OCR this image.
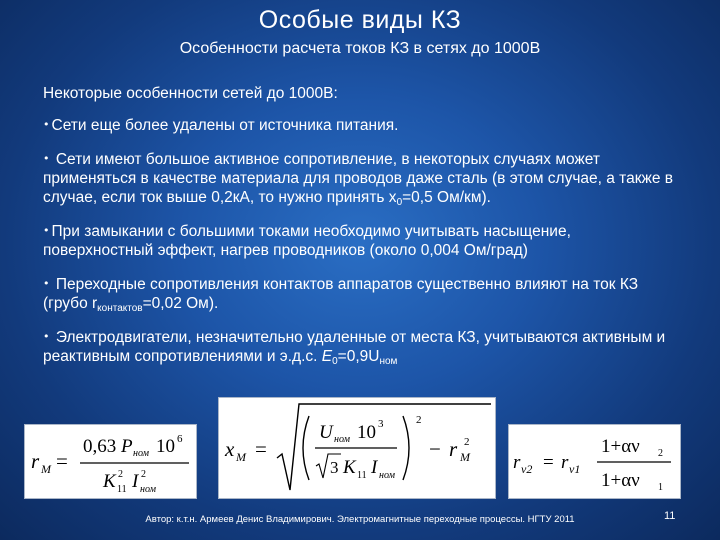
Особые виды КЗ
Особенности расчета токов КЗ в сетях до 1000В

Некоторые особенности сетей до 1000В:

• Сети еще более удалены от источника питания.

• Сети имеют большое активное сопротивление, в некоторых случаях может применяться в качестве материала для проводов даже сталь (в этом случае, а также в случае, если ток выше 0,2кА, то нужно принять $x_0=0,5$ Ом/км).

• При замыкании с большими токами необходимо учитывать насыщение, поверхностный эффект, нагрев проводников (около 0,004 Ом/град)

• Переходные сопротивления контактов аппаратов существенно влияют на ток КЗ (грубо $r_{контактов}=0,02$ Ом).

• Электродвигатели, незначительно удаленные от места КЗ, учитываются активным и реактивным сопротивлениями и э.д.с. $E_0=0,9U_{ном}$

r M =
0,63 P ном 10 6
K 2
11 I 2
ном
x M =
U ном 10 3
3 K 11 I ном
2
− r 2
M r ν2 = r ν1
1+αν 2
1+αν 1
Автор: к.т.н. Армеев Денис Владимирович. Электромагнитные переходные процессы. НГТУ 2011	11
